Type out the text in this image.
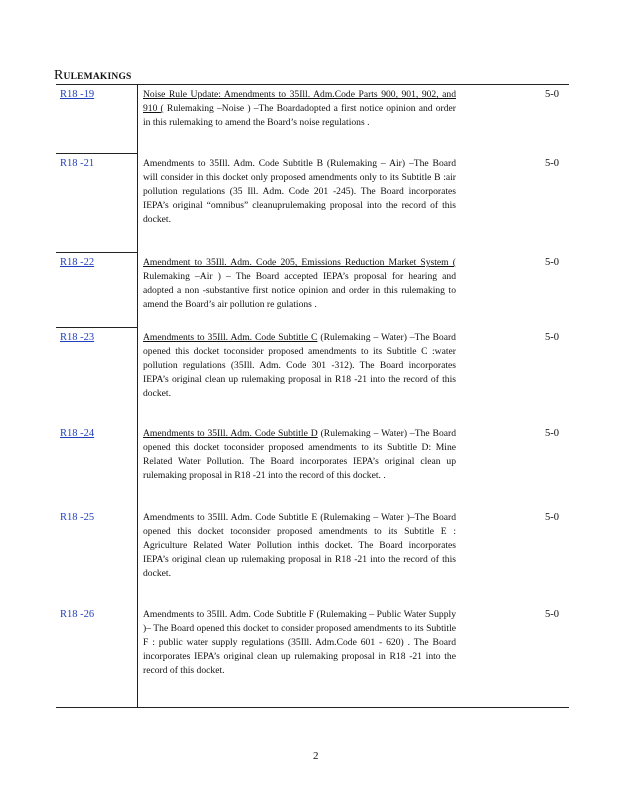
RULEMAKINGS
R18 -19	Noise Rule Update: Amendments to 35Ill. Adm.Code Parts 900, 901, 902, and 910 ( Rulemaking –Noise ) –The Boardadopted a first notice opinion and order in this rulemaking to amend the Board’s noise regulations .
5-0
R18 -21	Amendments to 35Ill. Adm. Code Subtitle B (Rulemaking – Air) –The Board will consider in this docket only proposed amendments only to its Subtitle B :air pollution regulations (35 Ill. Adm. Code 201 -245). The Board incorporates IEPA’s original “omnibus” cleanuprulemaking proposal into the record of this docket.
5-0
R18 -22	Amendment to 35Ill. Adm. Code 205, Emissions Reduction Market System ( Rulemaking –Air ) – The Board accepted IEPA’s proposal for hearing and adopted a non -substantive first notice opinion and order in this rulemaking to amend the Board’s air pollution re gulations .
5-0
R18 -23	Amendments to 35Ill. Adm. Code Subtitle C (Rulemaking – Water) –The Board opened this docket toconsider proposed amendments to its Subtitle C :water pollution regulations (35Ill. Adm. Code 301 -312). The Board incorporates IEPA’s original clean up rulemaking proposal in R18 -21 into the record of this docket.
5-0
R18 -24	Amendments to 35Ill. Adm. Code Subtitle D (Rulemaking – Water) –The Board opened this docket toconsider proposed amendments to its Subtitle D: Mine Related Water Pollution. The Board incorporates IEPA’s original clean up rulemaking proposal in R18 -21 into the record of this docket. .
5-0
R18 -25	Amendments to 35Ill. Adm. Code Subtitle E (Rulemaking – Water )–The Board opened this docket toconsider proposed amendments to its Subtitle E : Agriculture Related Water Pollution inthis docket. The Board incorporates IEPA’s original clean up rulemaking proposal in R18 -21 into the record of this docket.
5-0
R18 -26	Amendments to 35Ill. Adm. Code Subtitle F (Rulemaking – Public Water Supply )– The Board opened this docket to consider proposed amendments to its Subtitle F : public water supply regulations (35Ill. Adm.Code 601 - 620) . The Board incorporates IEPA’s original clean up rulemaking proposal in R18 -21 into the record of this docket.
5-0
2
